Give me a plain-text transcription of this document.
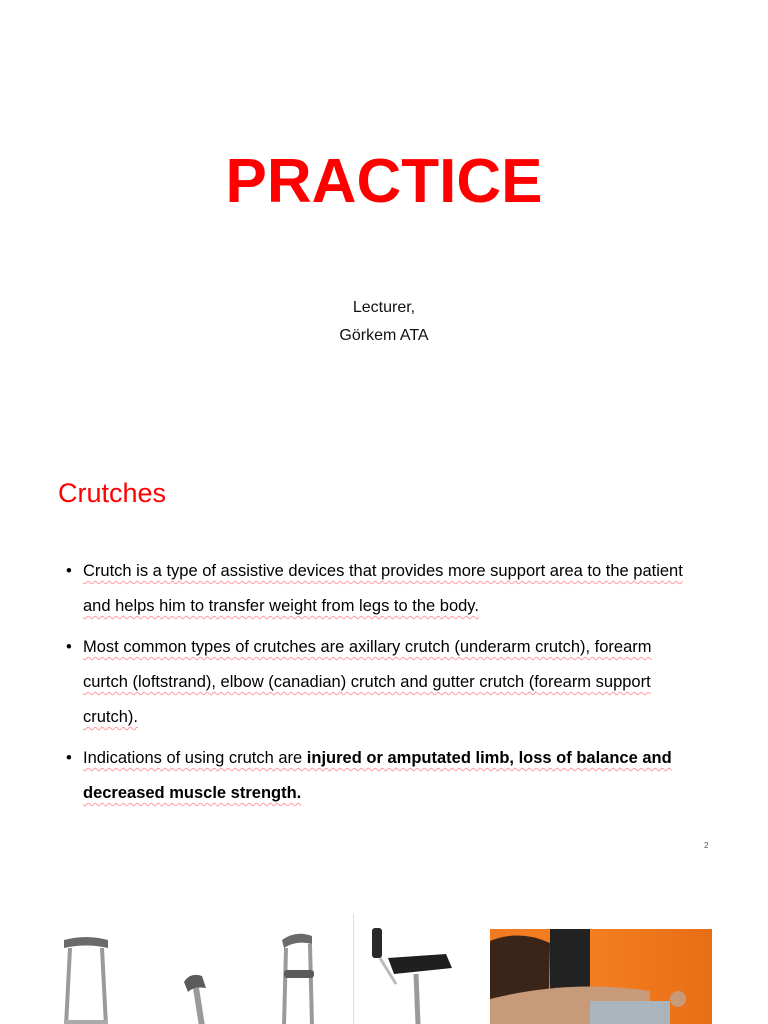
PRACTICE
Lecturer,
Görkem ATA
Crutches
• Crutch is a type of assistive devices that provides more support area to the patient and helps him to transfer weight from legs to the body.
• Most common types of crutches are axillary crutch (underarm crutch), forearm curtch (loftstrand), elbow (canadian) crutch and gutter crutch (forearm support crutch).
• Indications of using crutch are injured or amputated limb, loss of balance and decreased muscle strength.
2
